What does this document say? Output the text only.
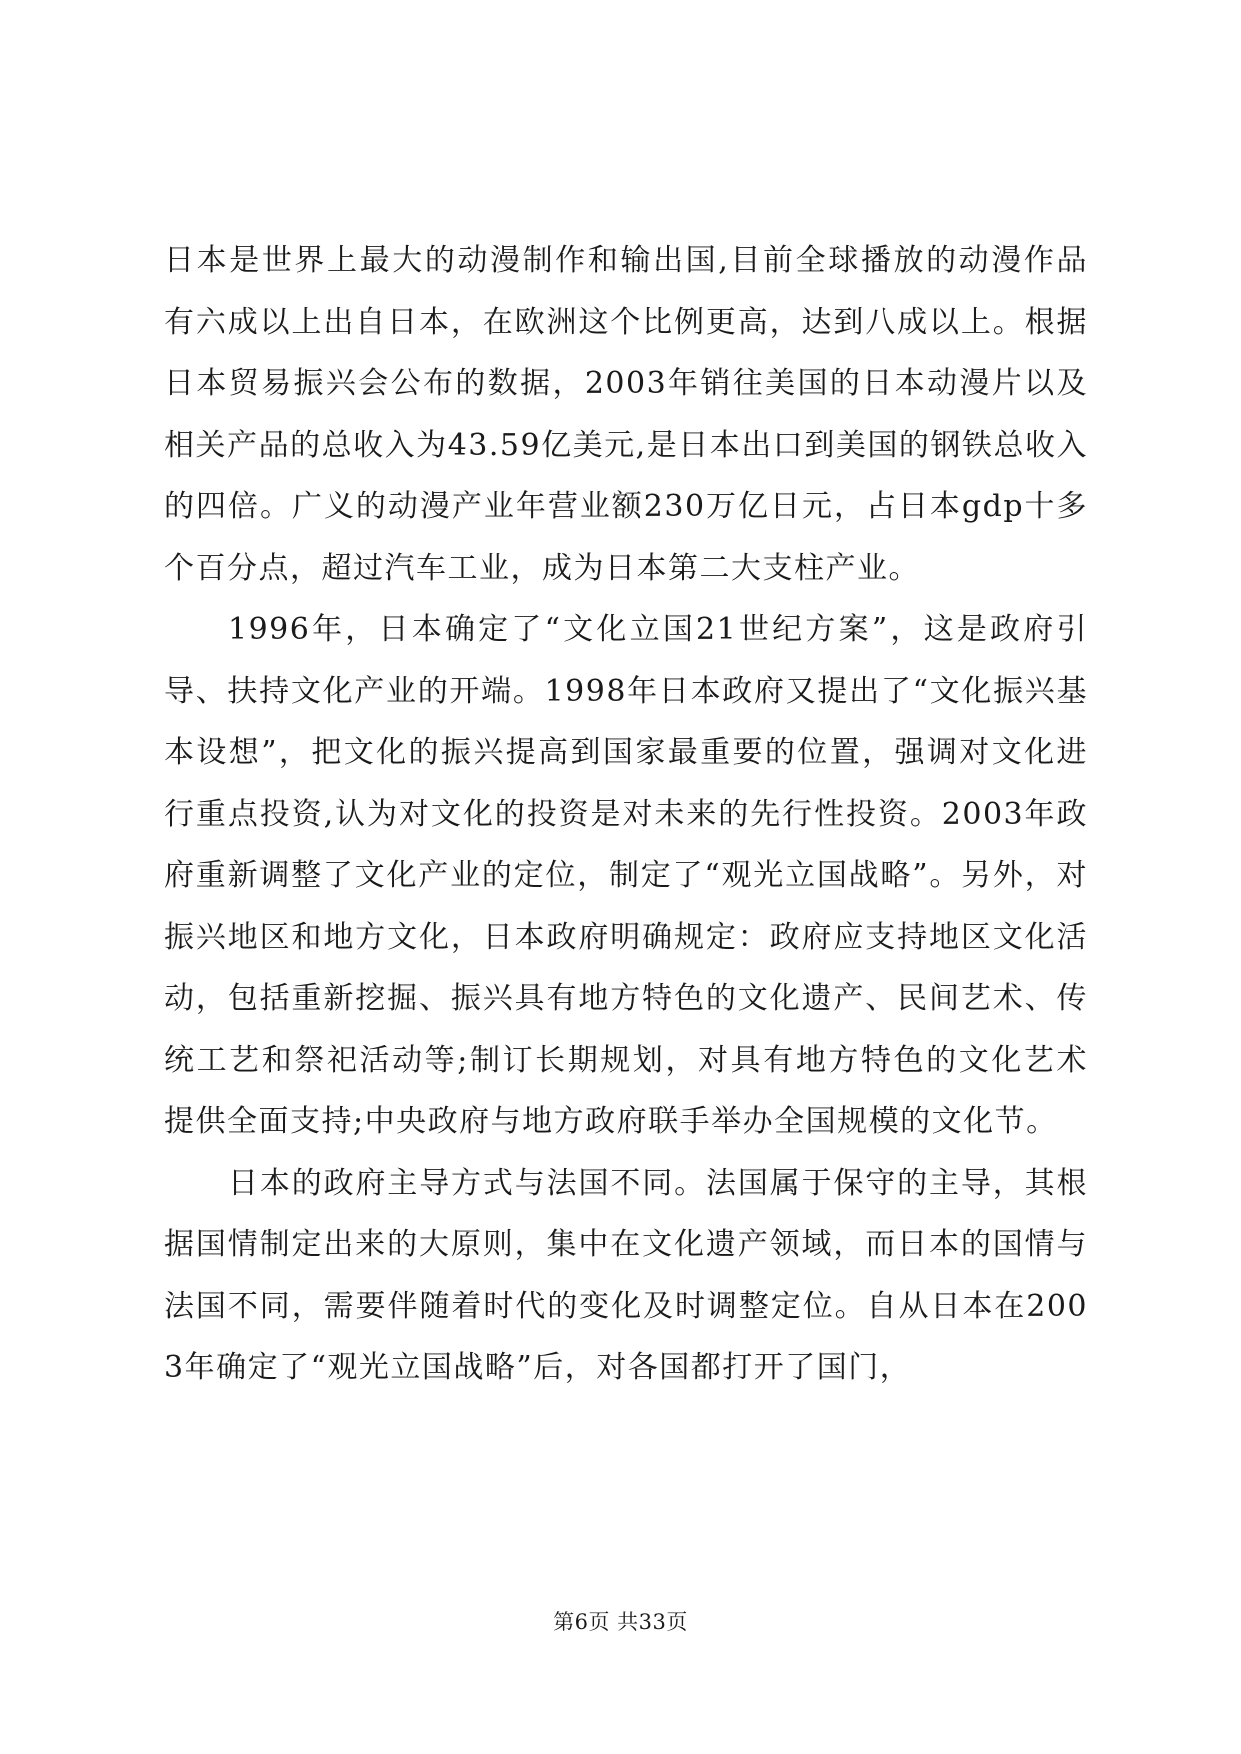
日本是世界上最大的动漫制作和输出国,目前全球播放的动漫作品有六成以上出自日本，在欧洲这个比例更高，达到八成以上。根据日本贸易振兴会公布的数据，2003年销往美国的日本动漫片以及相关产品的总收入为43.59亿美元,是日本出口到美国的钢铁总收入的四倍。广义的动漫产业年营业额230万亿日元，占日本gdp十多个百分点，超过汽车工业，成为日本第二大支柱产业。

1996年，日本确定了“文化立国21世纪方案”，这是政府引导、扶持文化产业的开端。1998年日本政府又提出了“文化振兴基本设想”，把文化的振兴提高到国家最重要的位置，强调对文化进行重点投资,认为对文化的投资是对未来的先行性投资。2003年政府重新调整了文化产业的定位，制定了“观光立国战略”。另外，对振兴地区和地方文化，日本政府明确规定：政府应支持地区文化活动，包括重新挖掘、振兴具有地方特色的文化遗产、民间艺术、传统工艺和祭祀活动等;制订长期规划，对具有地方特色的文化艺术提供全面支持;中央政府与地方政府联手举办全国规模的文化节。

日本的政府主导方式与法国不同。法国属于保守的主导，其根据国情制定出来的大原则，集中在文化遗产领域，而日本的国情与法国不同，需要伴随着时代的变化及时调整定位。自从日本在2003年确定了“观光立国战略”后，对各国都打开了国门，

第6页 共33页
